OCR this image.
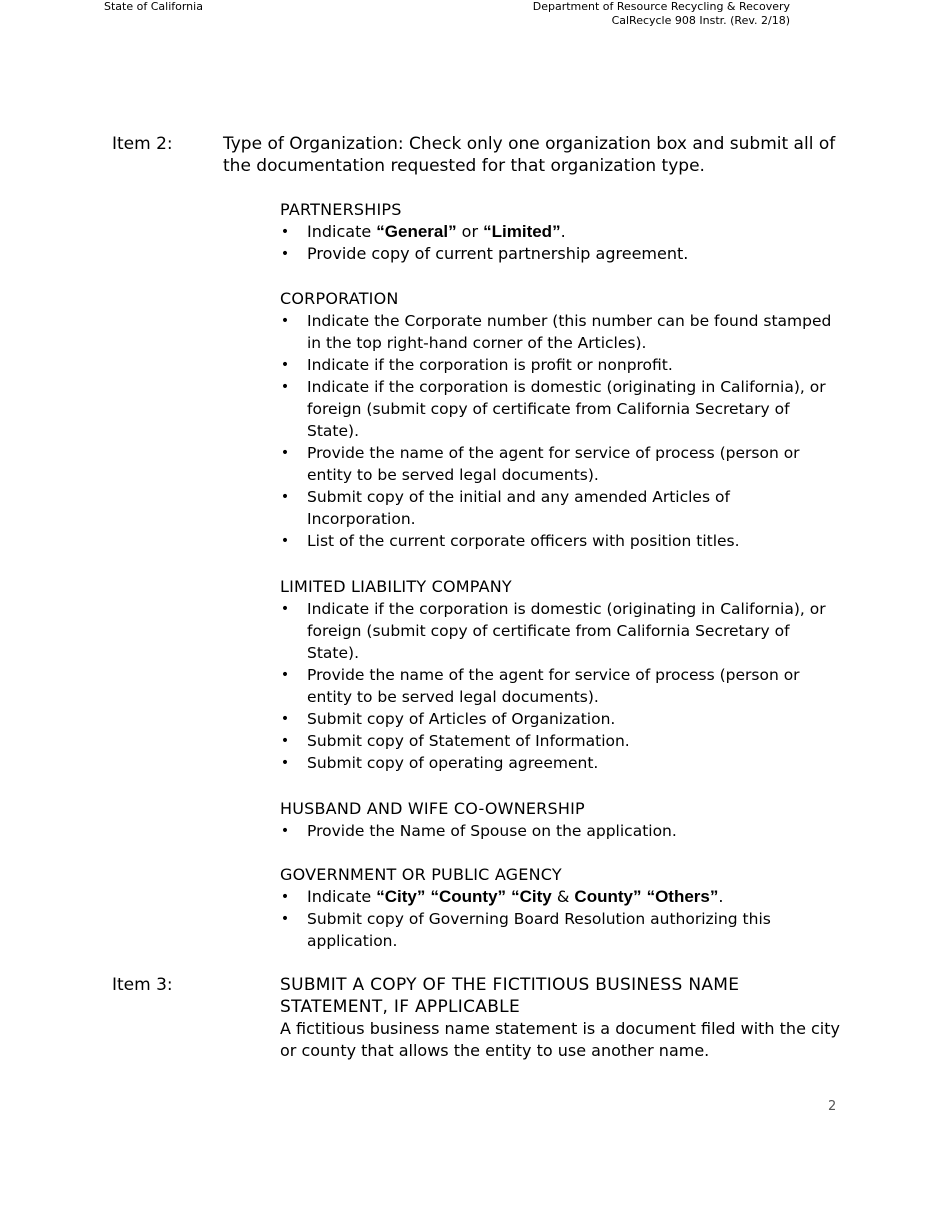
State of California	Department of Resource Recycling & Recovery
CalRecycle 908 Instr. (Rev. 2/18)
Item 2:	Type of Organization: Check only one organization box and submit all of the documentation requested for that organization type.
PARTNERSHIPS
• Indicate “General” or “Limited”.
• Provide copy of current partnership agreement.
CORPORATION
• Indicate the Corporate number (this number can be found stamped in the top right-hand corner of the Articles).
• Indicate if the corporation is profit or nonprofit.
• Indicate if the corporation is domestic (originating in California), or foreign (submit copy of certificate from California Secretary of State).
• Provide the name of the agent for service of process (person or entity to be served legal documents).
• Submit copy of the initial and any amended Articles of Incorporation.
• List of the current corporate officers with position titles.
LIMITED LIABILITY COMPANY
• Indicate if the corporation is domestic (originating in California), or foreign (submit copy of certificate from California Secretary of State).
• Provide the name of the agent for service of process (person or entity to be served legal documents).
• Submit copy of Articles of Organization.
• Submit copy of Statement of Information.
• Submit copy of operating agreement.
HUSBAND AND WIFE CO-OWNERSHIP
• Provide the Name of Spouse on the application.
GOVERNMENT OR PUBLIC AGENCY
• Indicate “City” “County” “City & County” “Others”.
• Submit copy of Governing Board Resolution authorizing this application.
Item 3:	SUBMIT A COPY OF THE FICTITIOUS BUSINESS NAME STATEMENT, IF APPLICABLE
A fictitious business name statement is a document filed with the city or county that allows the entity to use another name.
2
